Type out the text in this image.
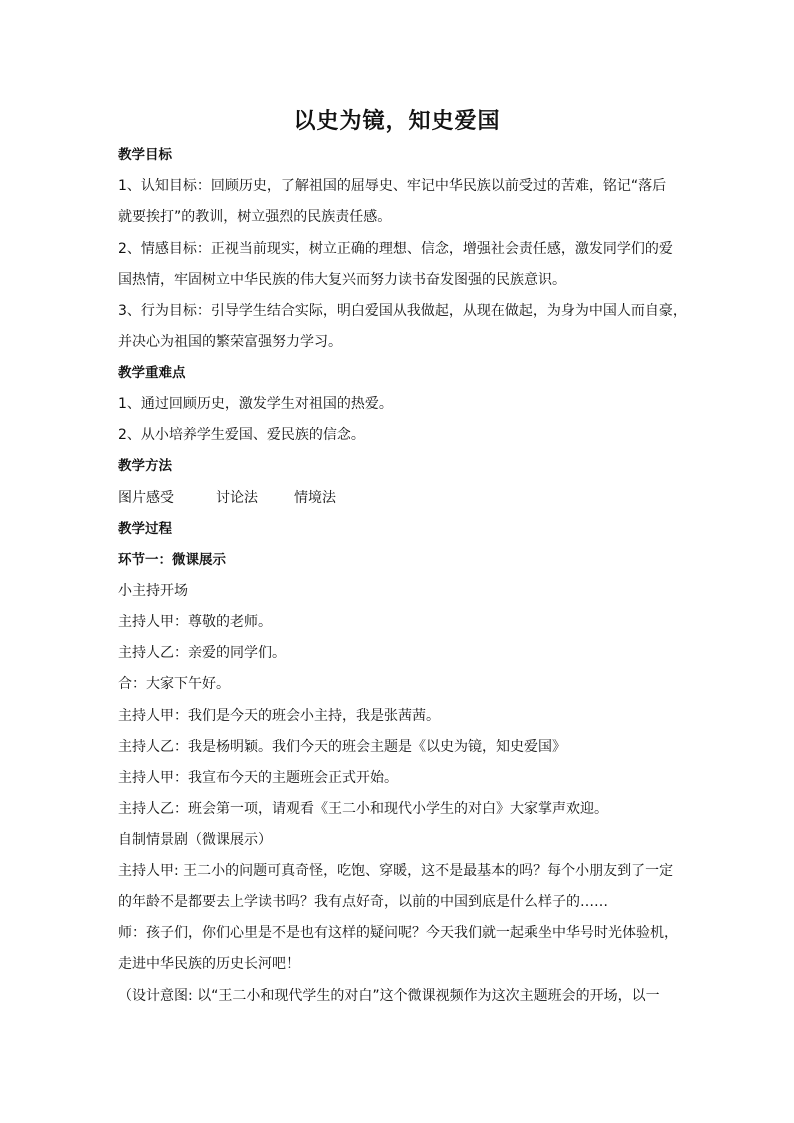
以史为镜，知史爱国
教学目标
1、认知目标：回顾历史，了解祖国的屈辱史、牢记中华民族以前受过的苦难，铭记“落后
就要挨打”的教训，树立强烈的民族责任感。
2、情感目标：正视当前现实，树立正确的理想、信念，增强社会责任感，激发同学们的爱
国热情，牢固树立中华民族的伟大复兴而努力读书奋发图强的民族意识。
3、行为目标：引导学生结合实际，明白爱国从我做起，从现在做起，为身为中国人而自豪，
并决心为祖国的繁荣富强努力学习。
教学重难点
1、通过回顾历史，激发学生对祖国的热爱。
2、从小培养学生爱国、爱民族的信念。
教学方法
图片感受	讨论法	情境法
教学过程
环节一：微课展示
小主持开场
主持人甲：尊敬的老师。
主持人乙：亲爱的同学们。
合：大家下午好。
主持人甲：我们是今天的班会小主持，我是张茜茜。
主持人乙：我是杨明颖。我们今天的班会主题是《以史为镜，知史爱国》
主持人甲：我宣布今天的主题班会正式开始。
主持人乙：班会第一项，请观看《王二小和现代小学生的对白》大家掌声欢迎。
自制情景剧（微课展示）
主持人甲: 王二小的问题可真奇怪，吃饱、穿暖，这不是最基本的吗？每个小朋友到了一定
的年龄不是都要去上学读书吗？我有点好奇，以前的中国到底是什么样子的……
师：孩子们，你们心里是不是也有这样的疑问呢？今天我们就一起乘坐中华号时光体验机，
走进中华民族的历史长河吧！
（设计意图: 以“王二小和现代学生的对白”这个微课视频作为这次主题班会的开场，以一
